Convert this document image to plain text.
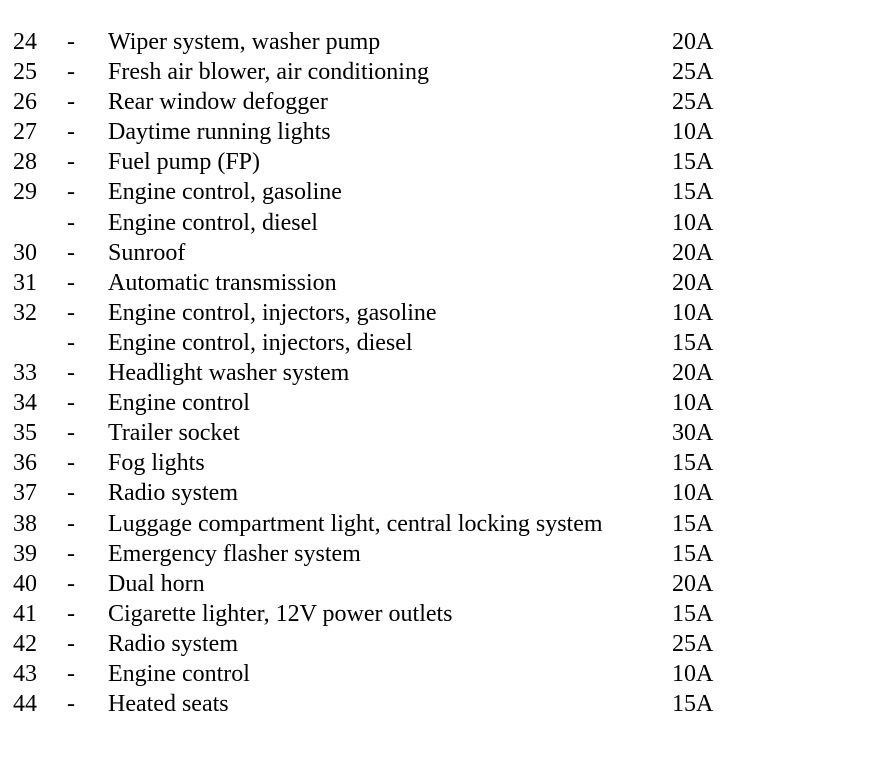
24 - Wiper system, washer pump	20A
25 - Fresh air blower, air conditioning	25A
26 - Rear window defogger	25A
27 - Daytime running lights	10A
28 - Fuel pump (FP)	15A
29 - Engine control, gasoline	15A
- Engine control, diesel	10A
30 - Sunroof	20A
31 - Automatic transmission	20A
32 - Engine control, injectors, gasoline	10A
- Engine control, injectors, diesel	15A
33 - Headlight washer system	20A
34 - Engine control	10A
35 - Trailer socket	30A
36 - Fog lights	15A
37 - Radio system	10A
38 - Luggage compartment light, central locking system	15A
39 - Emergency flasher system	15A
40 - Dual horn	20A
41 - Cigarette lighter, 12V power outlets	15A
42 - Radio system	25A
43 - Engine control	10A
44 - Heated seats	15A
